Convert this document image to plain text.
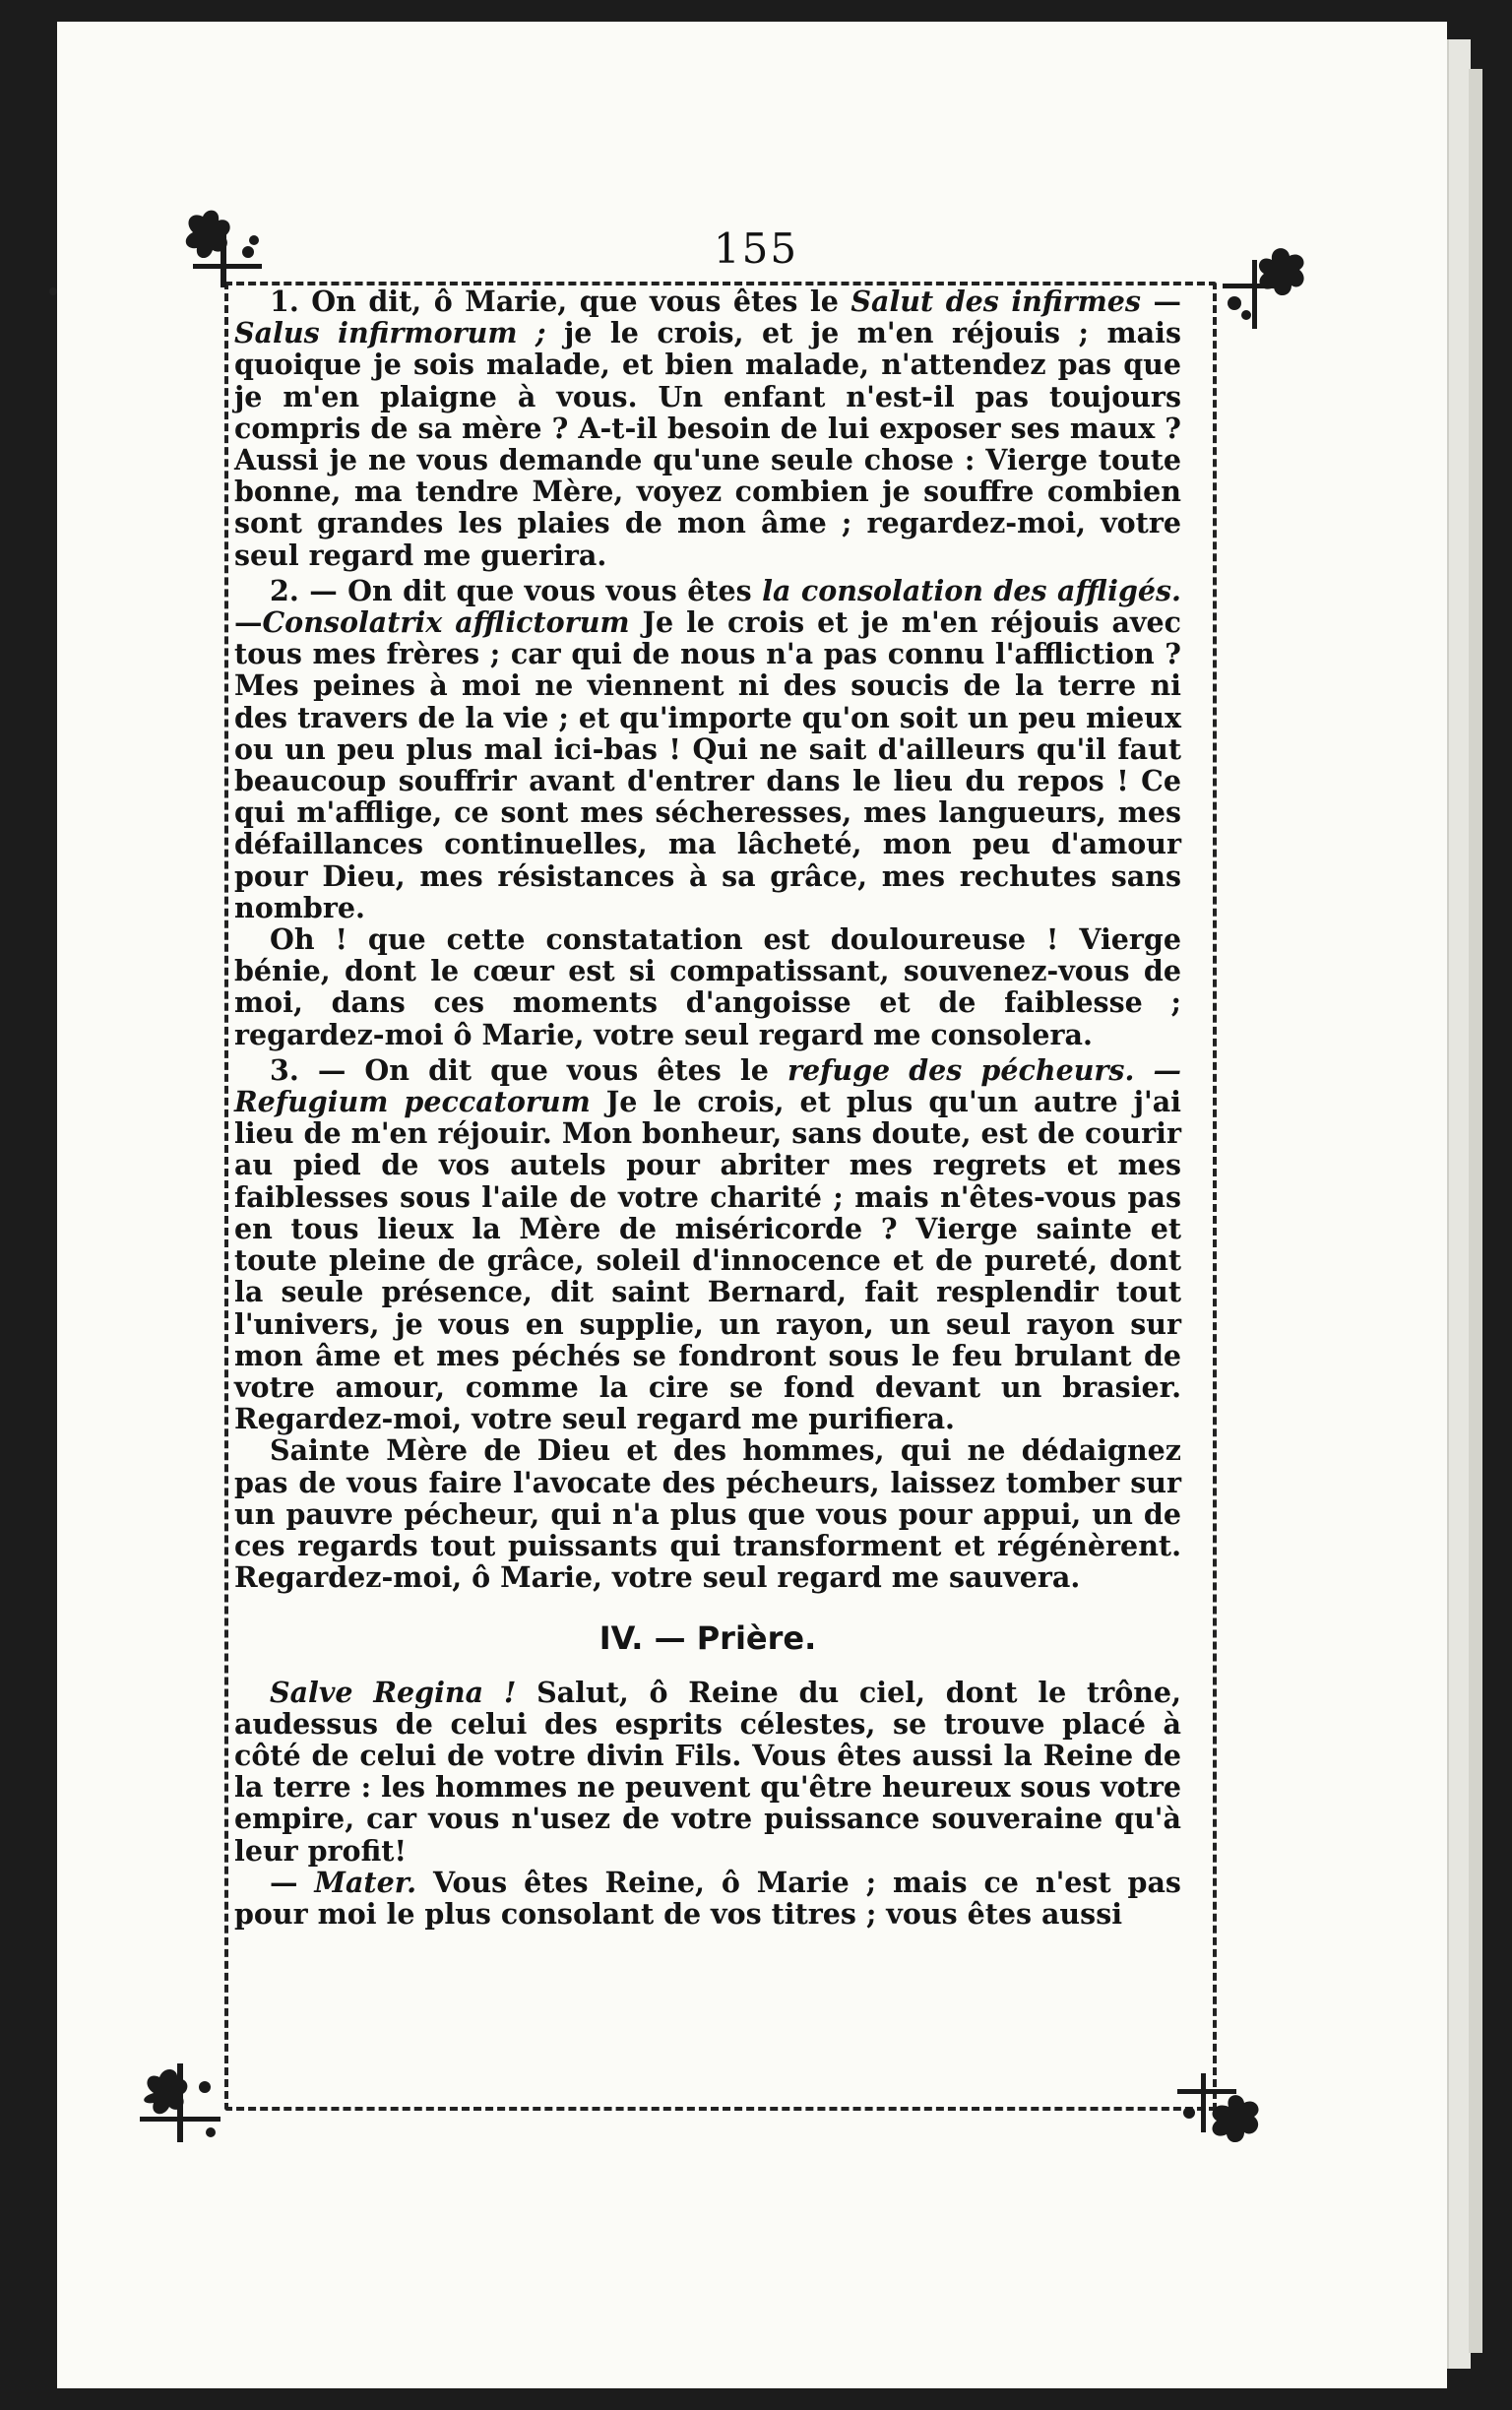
155

1. On dit, ô Marie, que vous êtes le Salut des infirmes — Salus infirmorum ; je le crois, et je m'en réjouis ; mais quoique je sois malade, et bien malade, n'attendez pas que je m'en plaigne à vous. Un enfant n'est-il pas toujours compris de sa mère ? A-t-il besoin de lui exposer ses maux ? Aussi je ne vous demande qu'une seule chose : Vierge toute bonne, ma tendre Mère, voyez combien je souffre combien sont grandes les plaies de mon âme ; regardez-moi, votre seul regard me guerira.

2. — On dit que vous vous êtes la consolation des affligés. —Consolatrix afflictorum Je le crois et je m'en réjouis avec tous mes frères ; car qui de nous n'a pas connu l'affliction ? Mes peines à moi ne viennent ni des soucis de la terre ni des travers de la vie ; et qu'importe qu'on soit un peu mieux ou un peu plus mal ici-bas ! Qui ne sait d'ailleurs qu'il faut beaucoup souffrir avant d'entrer dans le lieu du repos ! Ce qui m'afflige, ce sont mes sécheresses, mes langueurs, mes défaillances continuelles, ma lâcheté, mon peu d'amour pour Dieu, mes résistances à sa grâce, mes rechutes sans nombre.

Oh ! que cette constatation est douloureuse ! Vierge bénie, dont le cœur est si compatissant, souvenez-vous de moi, dans ces moments d'angoisse et de faiblesse ; regardez-moi ô Marie, votre seul regard me consolera.

3. — On dit que vous êtes le refuge des pécheurs. — Refugium peccatorum Je le crois, et plus qu'un autre j'ai lieu de m'en réjouir. Mon bonheur, sans doute, est de courir au pied de vos autels pour abriter mes regrets et mes faiblesses sous l'aile de votre charité ; mais n'êtes-vous pas en tous lieux la Mère de miséricorde ? Vierge sainte et toute pleine de grâce, soleil d'innocence et de pureté, dont la seule présence, dit saint Bernard, fait resplendir tout l'univers, je vous en supplie, un rayon, un seul rayon sur mon âme et mes péchés se fondront sous le feu brulant de votre amour, comme la cire se fond devant un brasier. Regardez-moi, votre seul regard me purifiera.

Sainte Mère de Dieu et des hommes, qui ne dédaignez pas de vous faire l'avocate des pécheurs, laissez tomber sur un pauvre pécheur, qui n'a plus que vous pour appui, un de ces regards tout puissants qui transforment et régénèrent. Regardez-moi, ô Marie, votre seul regard me sauvera.

IV. — Prière.

Salve Regina ! Salut, ô Reine du ciel, dont le trône, audessus de celui des esprits célestes, se trouve placé à côté de celui de votre divin Fils. Vous êtes aussi la Reine de la terre : les hommes ne peuvent qu'être heureux sous votre empire, car vous n'usez de votre puissance souveraine qu'à leur profit!

— Mater. Vous êtes Reine, ô Marie ; mais ce n'est pas pour moi le plus consolant de vos titres ; vous êtes aussi
